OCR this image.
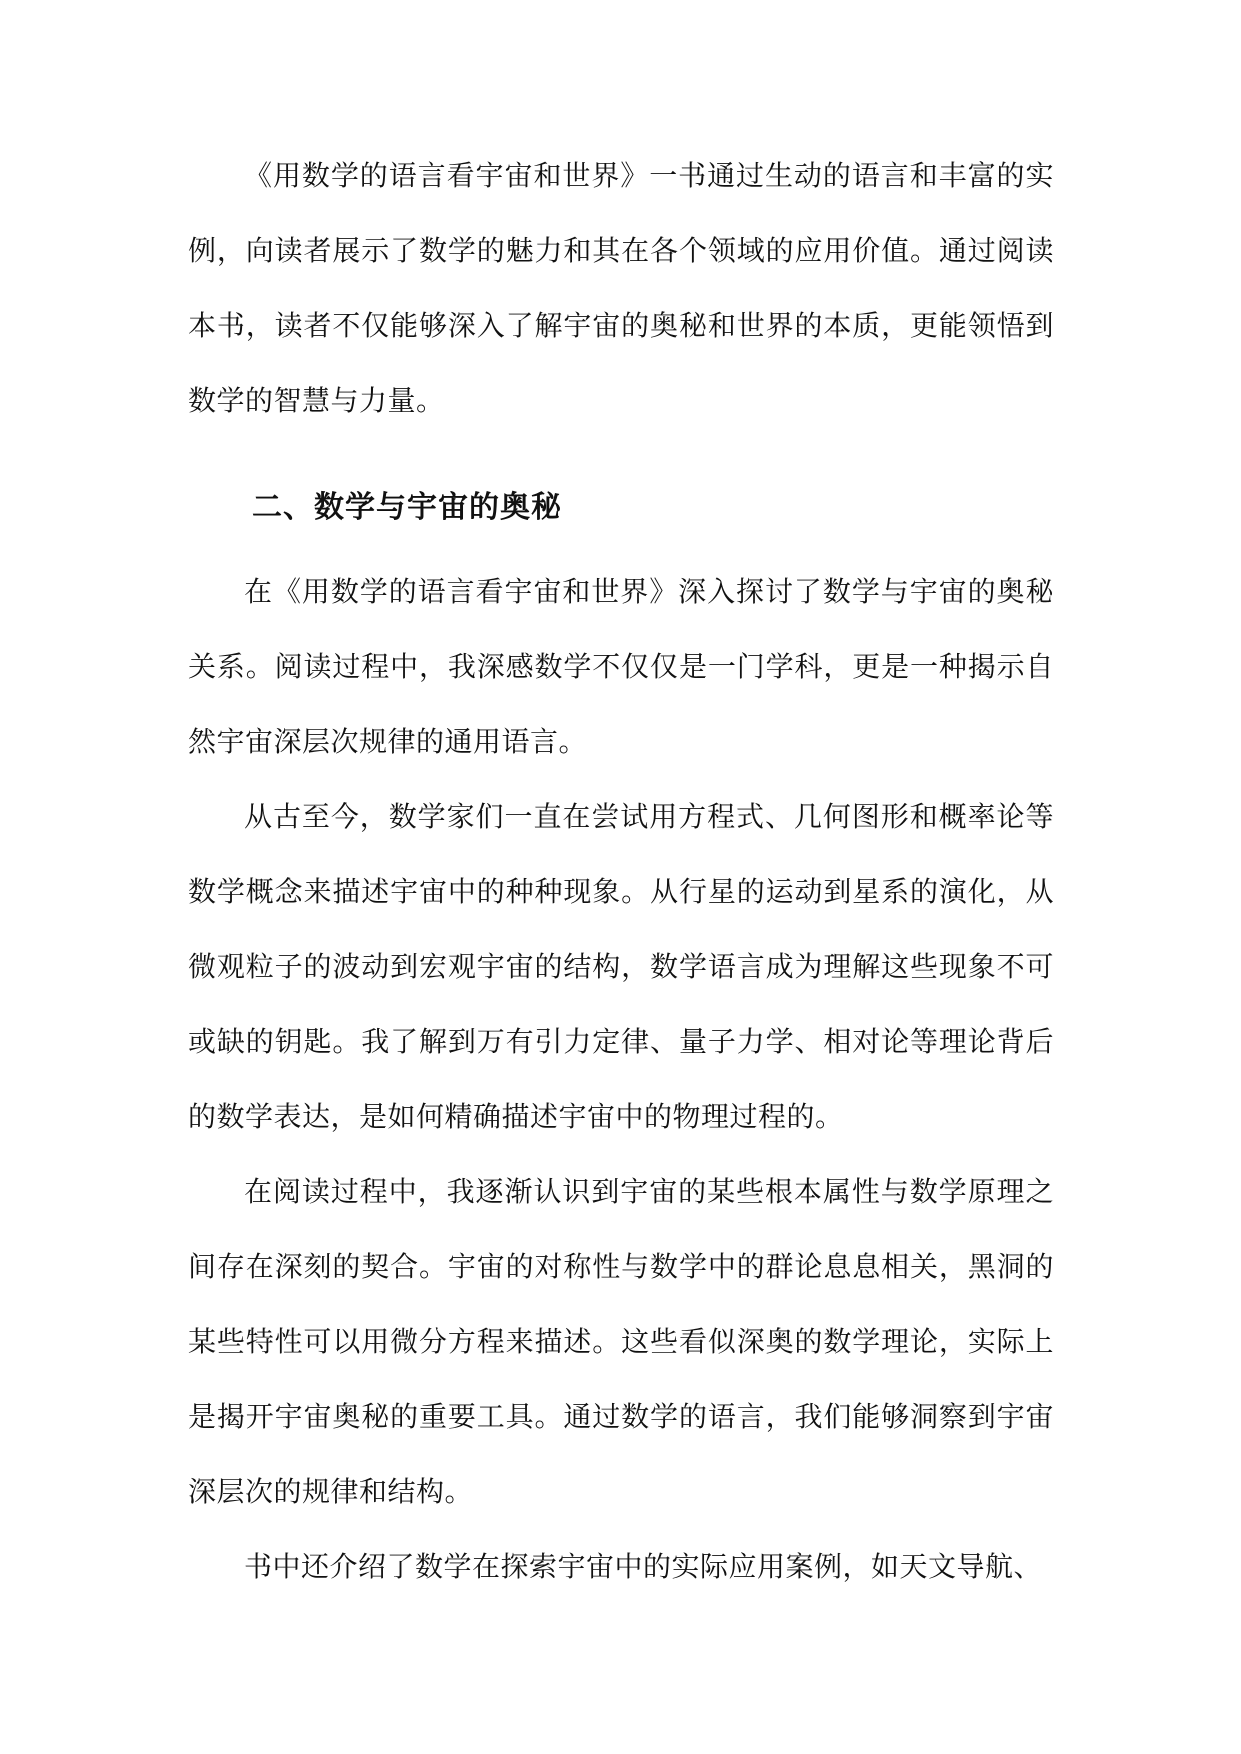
《用数学的语言看宇宙和世界》一书通过生动的语言和丰富的实例，向读者展示了数学的魅力和其在各个领域的应用价值。通过阅读本书，读者不仅能够深入了解宇宙的奥秘和世界的本质，更能领悟到数学的智慧与力量。

二、数学与宇宙的奥秘

在《用数学的语言看宇宙和世界》深入探讨了数学与宇宙的奥秘关系。阅读过程中，我深感数学不仅仅是一门学科，更是一种揭示自然宇宙深层次规律的通用语言。

从古至今，数学家们一直在尝试用方程式、几何图形和概率论等数学概念来描述宇宙中的种种现象。从行星的运动到星系的演化，从微观粒子的波动到宏观宇宙的结构，数学语言成为理解这些现象不可或缺的钥匙。我了解到万有引力定律、量子力学、相对论等理论背后的数学表达，是如何精确描述宇宙中的物理过程的。

在阅读过程中，我逐渐认识到宇宙的某些根本属性与数学原理之间存在深刻的契合。宇宙的对称性与数学中的群论息息相关，黑洞的某些特性可以用微分方程来描述。这些看似深奥的数学理论，实际上是揭开宇宙奥秘的重要工具。通过数学的语言，我们能够洞察到宇宙深层次的规律和结构。

书中还介绍了数学在探索宇宙中的实际应用案例，如天文导航、
